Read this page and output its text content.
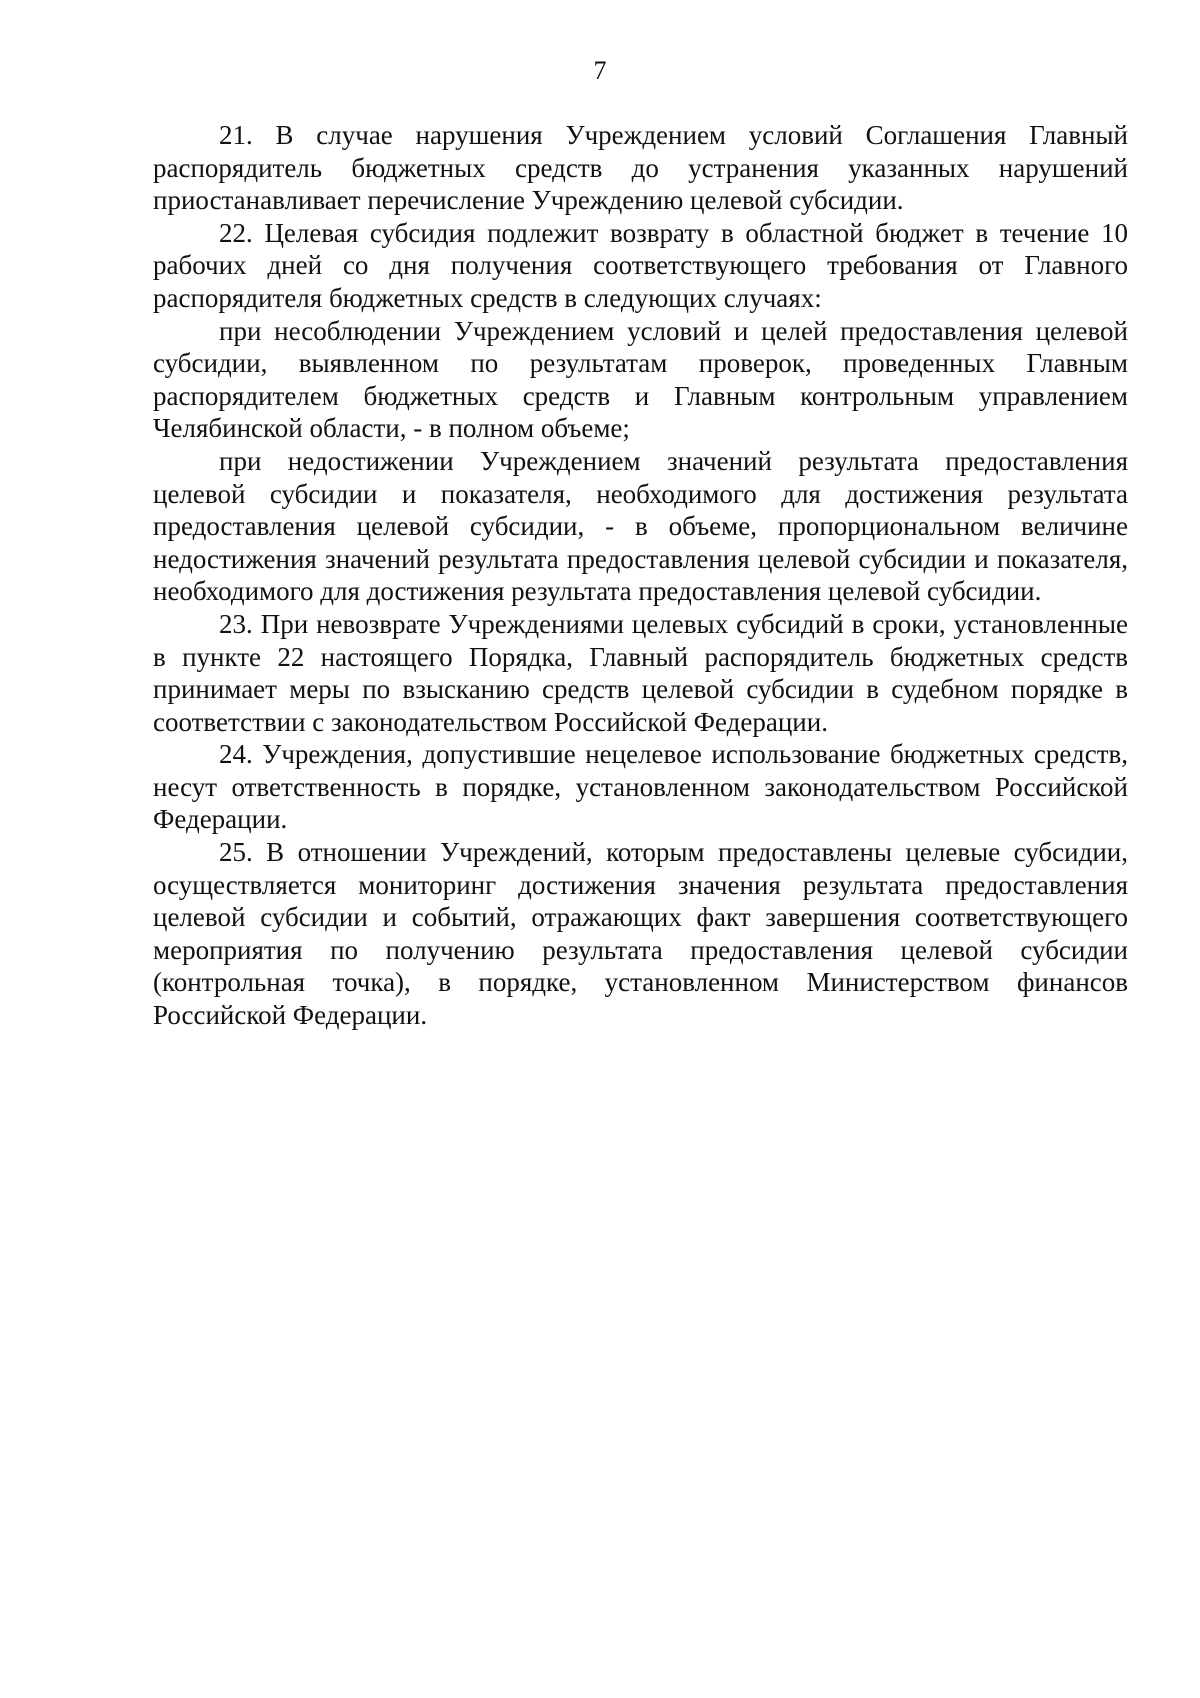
7

21. В случае нарушения Учреждением условий Соглашения Главный распорядитель бюджетных средств до устранения указанных нарушений приостанавливает перечисление Учреждению целевой субсидии.

22. Целевая субсидия подлежит возврату в областной бюджет в течение 10 рабочих дней со дня получения соответствующего требования от Главного распорядителя бюджетных средств в следующих случаях:

при несоблюдении Учреждением условий и целей предоставления целевой субсидии, выявленном по результатам проверок, проведенных Главным распорядителем бюджетных средств и Главным контрольным управлением Челябинской области, - в полном объеме;

при недостижении Учреждением значений результата предоставления целевой субсидии и показателя, необходимого для достижения результата предоставления целевой субсидии, - в объеме, пропорциональном величине недостижения значений результата предоставления целевой субсидии и показателя, необходимого для достижения результата предоставления целевой субсидии.

23. При невозврате Учреждениями целевых субсидий в сроки, установленные в пункте 22 настоящего Порядка, Главный распорядитель бюджетных средств принимает меры по взысканию средств целевой субсидии в судебном порядке в соответствии с законодательством Российской Федерации.

24. Учреждения, допустившие нецелевое использование бюджетных средств, несут ответственность в порядке, установленном законодательством Российской Федерации.

25. В отношении Учреждений, которым предоставлены целевые субсидии, осуществляется мониторинг достижения значения результата предоставления целевой субсидии и событий, отражающих факт завершения соответствующего мероприятия по получению результата предоставления целевой субсидии (контрольная точка), в порядке, установленном Министерством финансов Российской Федерации.
